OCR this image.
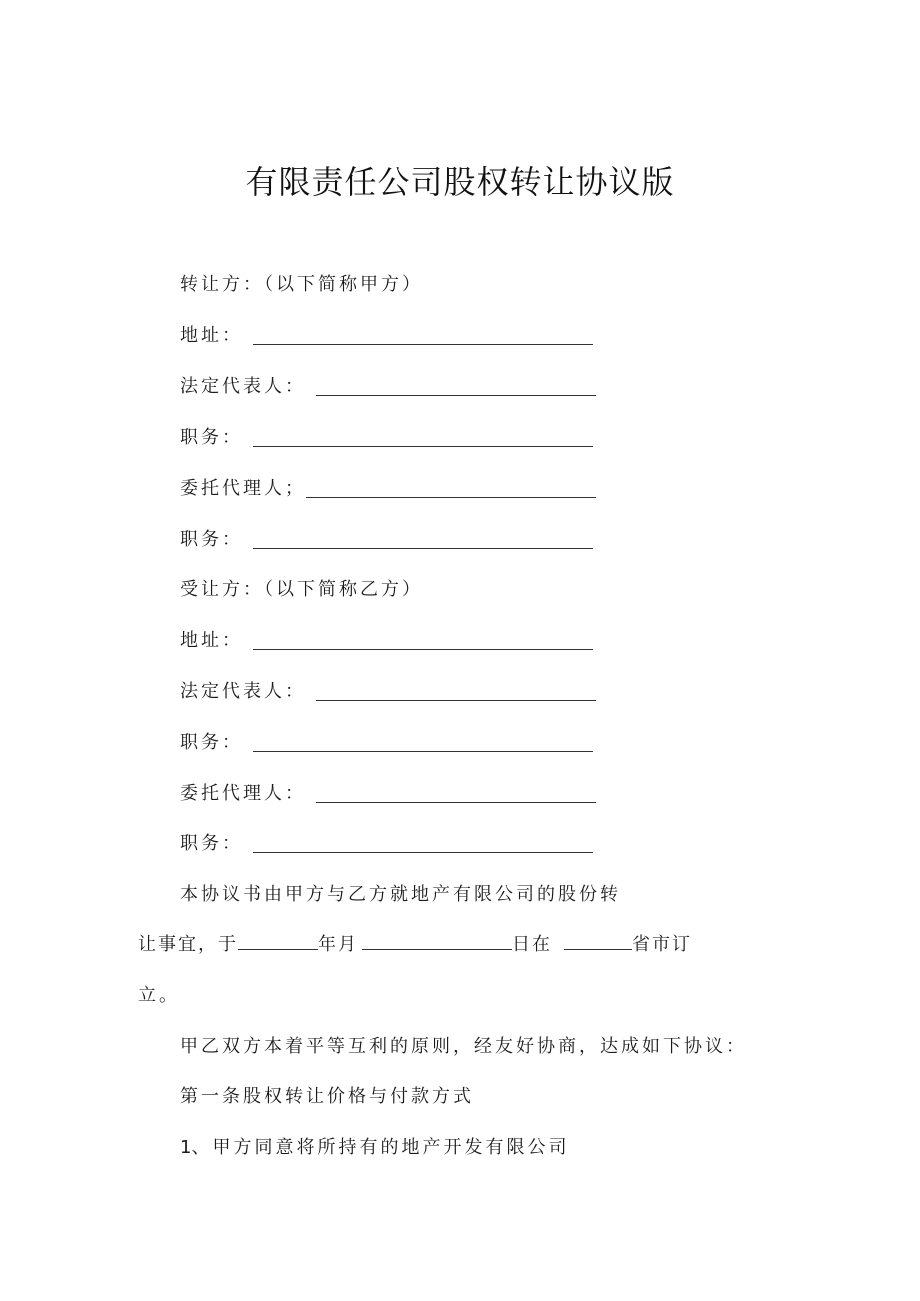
有限责任公司股权转让协议版
转让方：（以下简称甲方）
地址：
法定代表人：
职务：
委托代理人；
职务：
受让方：（以下简称乙方）
地址：
法定代表人：
职务：
委托代理人：
职务：
本协议书由甲方与乙方就地产有限公司的股份转
让事宜，于	年月	日在	省市订
立。
甲乙双方本着平等互利的原则，经友好协商，达成如下协议：
第一条股权转让价格与付款方式
1、甲方同意将所持有的地产开发有限公司
